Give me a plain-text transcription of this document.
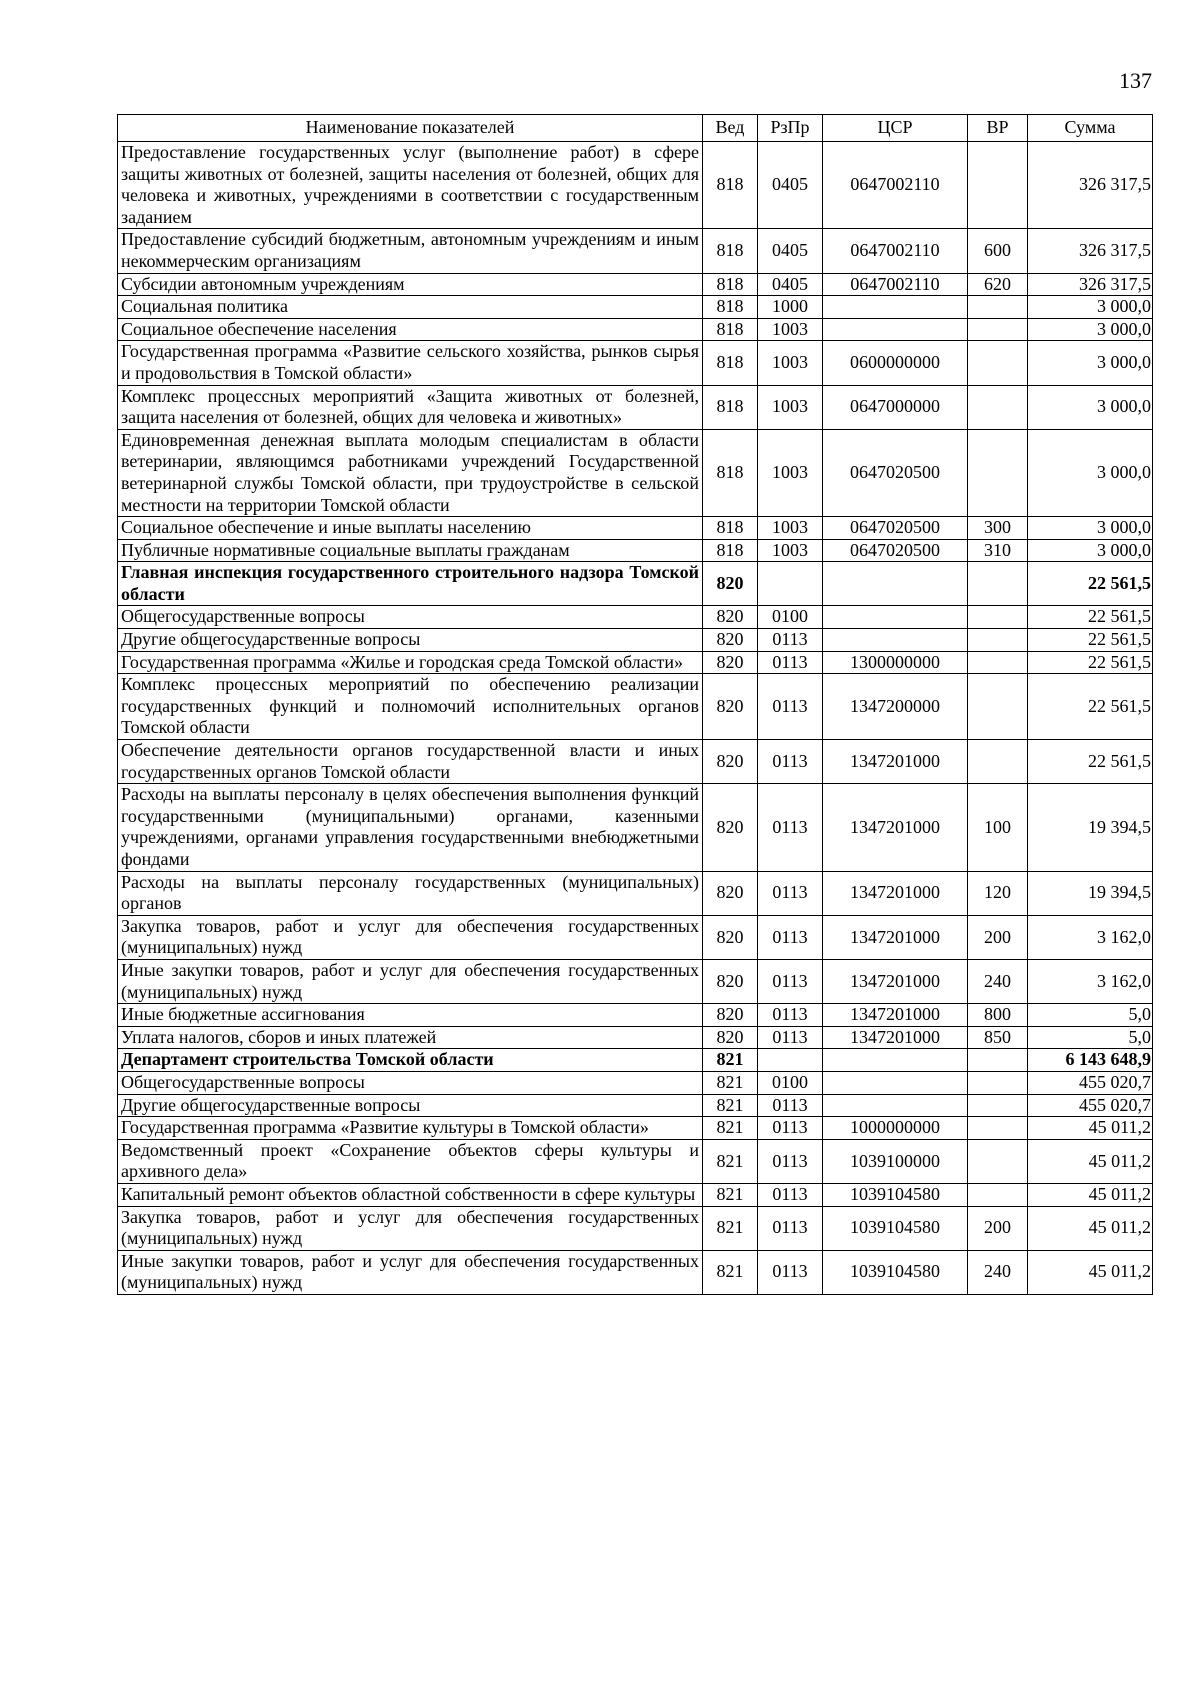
137
Наименование показателей	Вед	РзПр	ЦСР	ВР	Сумма
Предоставление государственных услуг (выполнение работ) в сфере защиты животных от болезней, защиты населения от болезней, общих для человека и животных, учреждениями в соответствии с государственным заданием	818	0405	0647002110		326 317,5
Предоставление субсидий бюджетным, автономным учреждениям и иным некоммерческим организациям	818	0405	0647002110	600	326 317,5
Субсидии автономным учреждениям	818	0405	0647002110	620	326 317,5
Социальная политика	818	1000			3 000,0
Социальное обеспечение населения	818	1003			3 000,0
Государственная программа «Развитие сельского хозяйства, рынков сырья и продовольствия в Томской области»	818	1003	0600000000		3 000,0
Комплекс процессных мероприятий «Защита животных от болезней, защита населения от болезней, общих для человека и животных»	818	1003	0647000000		3 000,0
Единовременная денежная выплата молодым специалистам в области ветеринарии, являющимся работниками учреждений Государственной ветеринарной службы Томской области, при трудоустройстве в сельской местности на территории Томской области	818	1003	0647020500		3 000,0
Социальное обеспечение и иные выплаты населению	818	1003	0647020500	300	3 000,0
Публичные нормативные социальные выплаты гражданам	818	1003	0647020500	310	3 000,0
Главная инспекция государственного строительного надзора Томской области	820				22 561,5
Общегосударственные вопросы	820	0100			22 561,5
Другие общегосударственные вопросы	820	0113			22 561,5
Государственная программа «Жилье и городская среда Томской области»	820	0113	1300000000		22 561,5
Комплекс процессных мероприятий по обеспечению реализации государственных функций и полномочий исполнительных органов Томской области	820	0113	1347200000		22 561,5
Обеспечение деятельности органов государственной власти и иных государственных органов Томской области	820	0113	1347201000		22 561,5
Расходы на выплаты персоналу в целях обеспечения выполнения функций государственными (муниципальными) органами, казенными учреждениями, органами управления государственными внебюджетными фондами	820	0113	1347201000	100	19 394,5
Расходы на выплаты персоналу государственных (муниципальных) органов	820	0113	1347201000	120	19 394,5
Закупка товаров, работ и услуг для обеспечения государственных (муниципальных) нужд	820	0113	1347201000	200	3 162,0
Иные закупки товаров, работ и услуг для обеспечения государственных (муниципальных) нужд	820	0113	1347201000	240	3 162,0
Иные бюджетные ассигнования	820	0113	1347201000	800	5,0
Уплата налогов, сборов и иных платежей	820	0113	1347201000	850	5,0
Департамент строительства Томской области	821				6 143 648,9
Общегосударственные вопросы	821	0100			455 020,7
Другие общегосударственные вопросы	821	0113			455 020,7
Государственная программа «Развитие культуры в Томской области»	821	0113	1000000000		45 011,2
Ведомственный проект «Сохранение объектов сферы культуры и архивного дела»	821	0113	1039100000		45 011,2
Капитальный ремонт объектов областной собственности в сфере культуры	821	0113	1039104580		45 011,2
Закупка товаров, работ и услуг для обеспечения государственных (муниципальных) нужд	821	0113	1039104580	200	45 011,2
Иные закупки товаров, работ и услуг для обеспечения государственных (муниципальных) нужд	821	0113	1039104580	240	45 011,2
